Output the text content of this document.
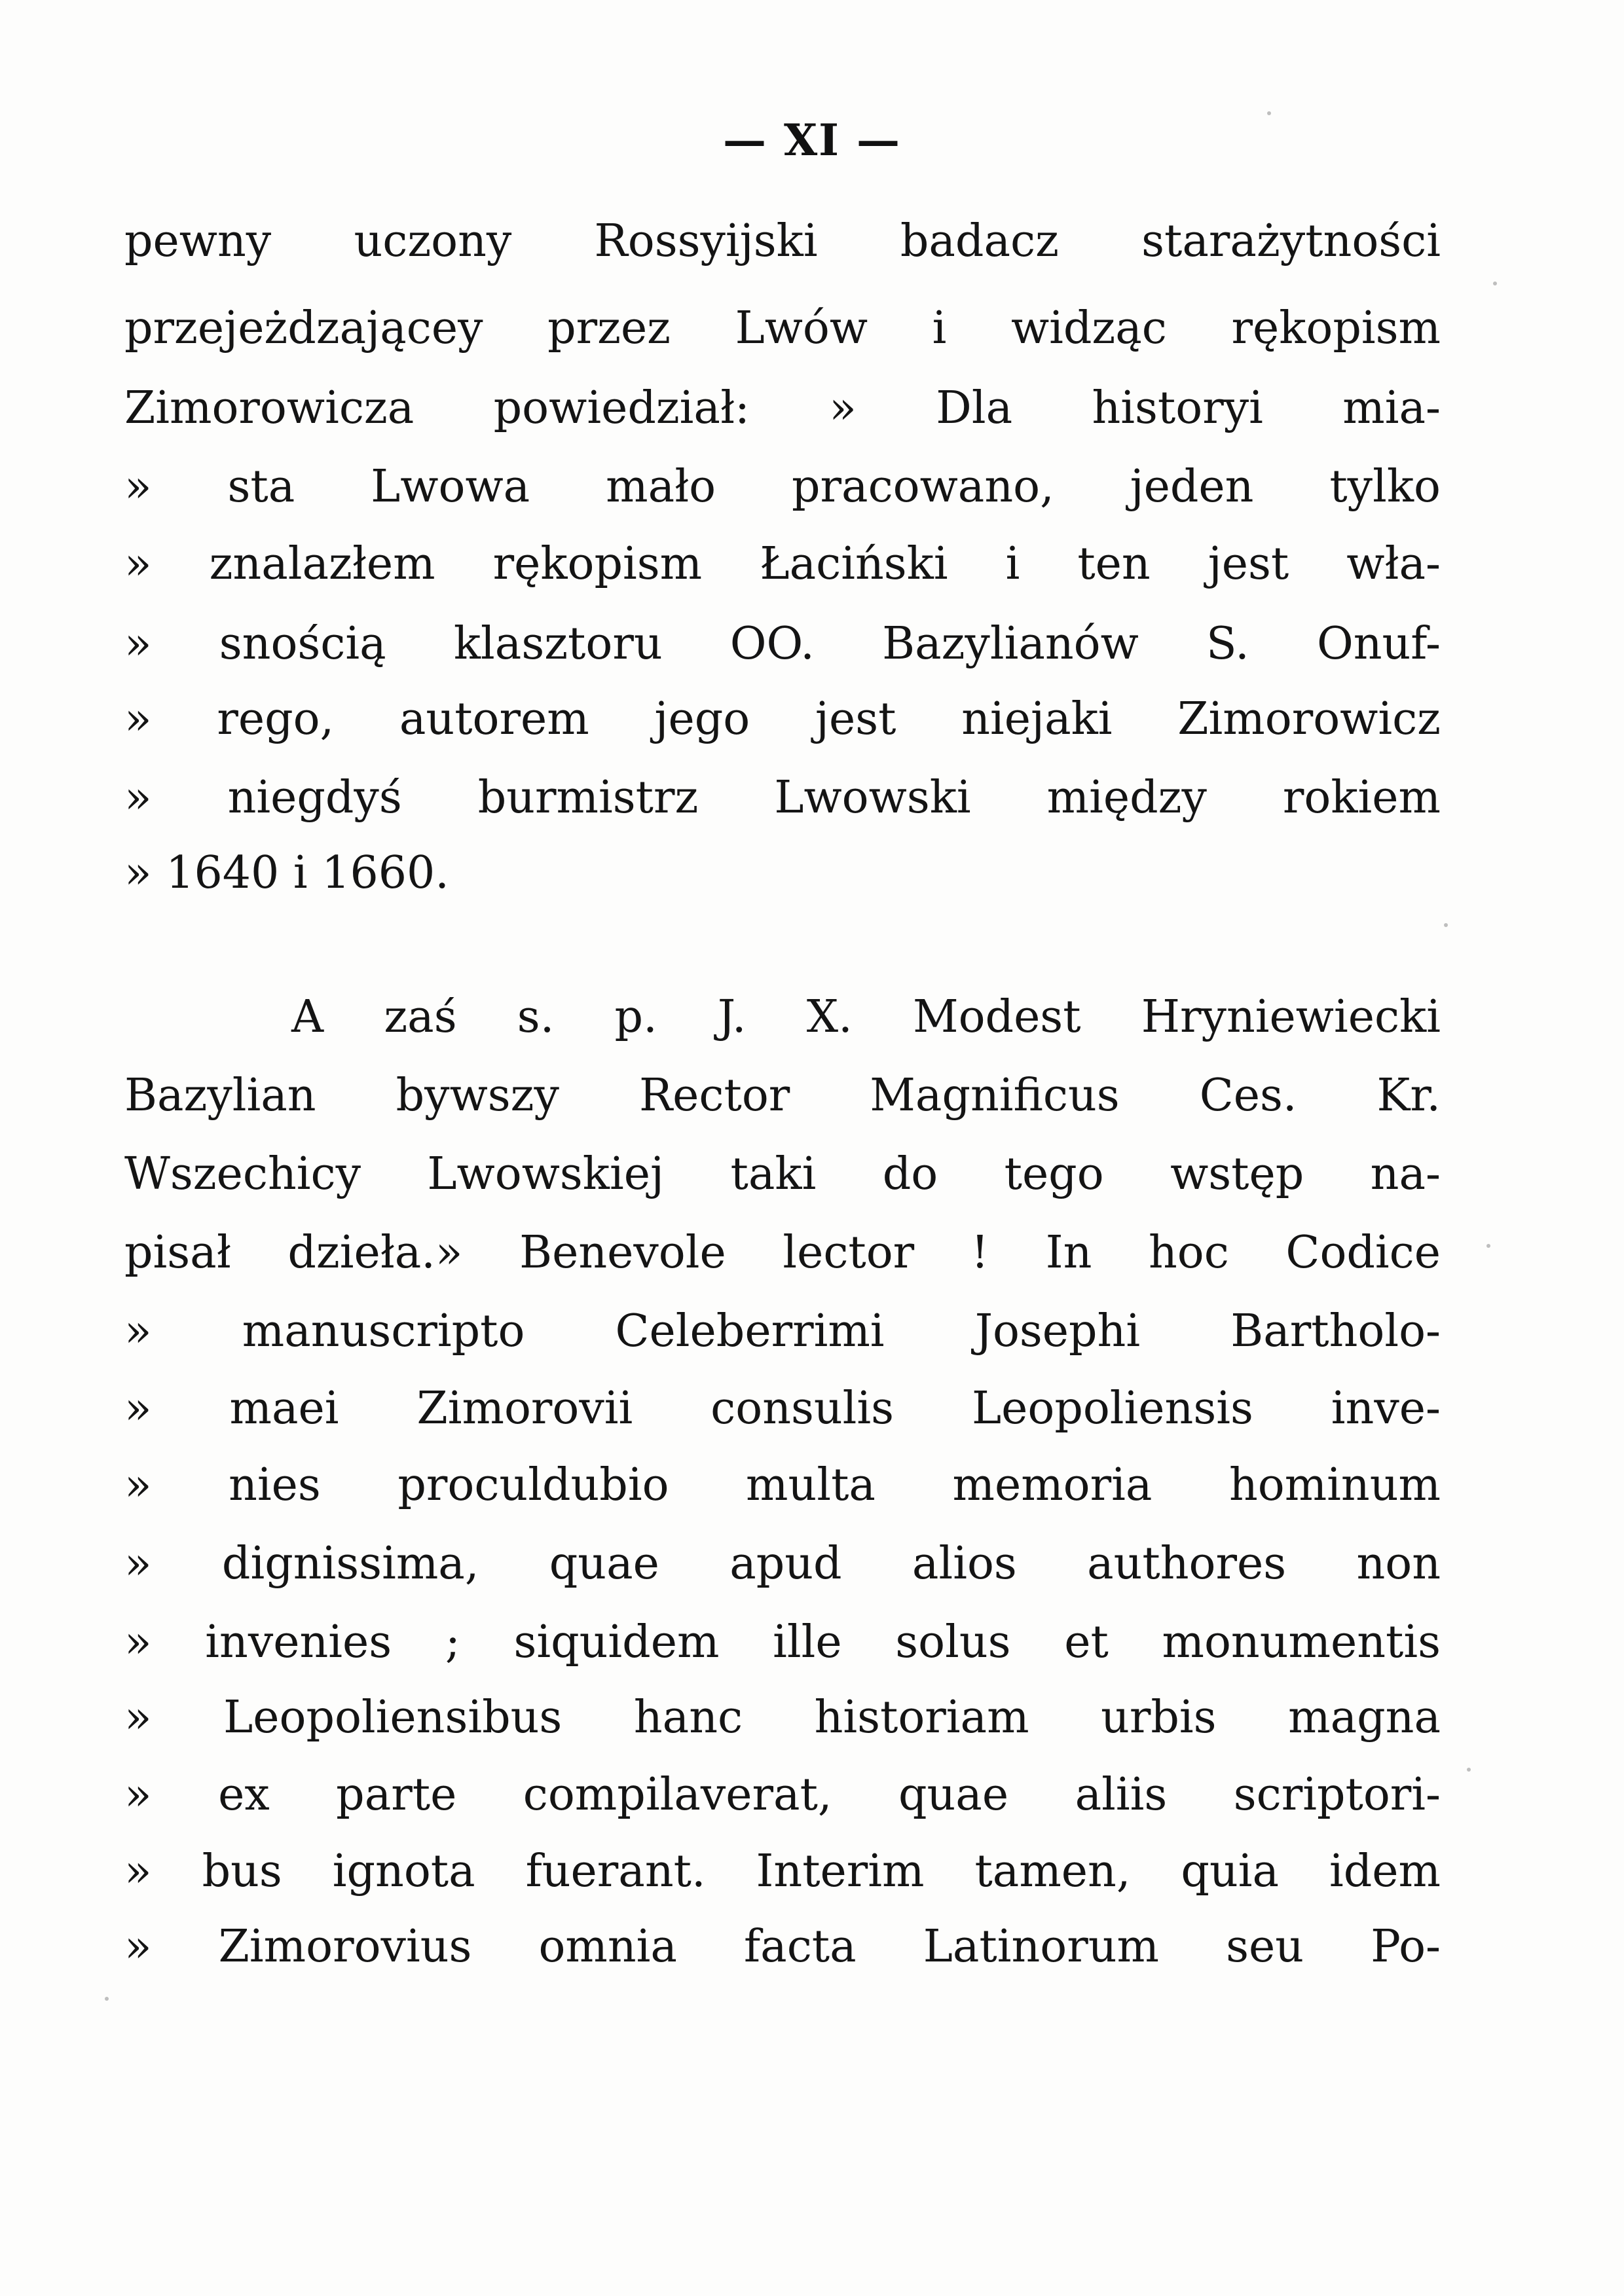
— XI —
pewny uczony Rossyijski badacz starażytności
przejeżdzającey przez Lwów i widząc rękopism
Zimorowicza powiedział: » Dla historyi mia-
» sta Lwowa mało pracowano, jeden tylko
» znalazłem rękopism Łaciński i ten jest wła-
» snością klasztoru OO. Bazylianów S. Onuf-
» rego, autorem jego jest niejaki Zimorowicz
» niegdyś burmistrz Lwowski między rokiem
» 1640 i 1660.
A zaś s. p. J. X. Modest Hryniewiecki
Bazylian bywszy Rector Magnificus Ces. Kr.
Wszechicy Lwowskiej taki do tego wstęp na-
pisał dzieła.» Benevole lector ! In hoc Codice
» manuscripto Celeberrimi Josephi Bartholo-
» maei Zimorovii consulis Leopoliensis inve-
» nies proculdubio multa memoria hominum
» dignissima, quae apud alios authores non
» invenies ; siquidem ille solus et monumentis
» Leopoliensibus hanc historiam urbis magna
» ex parte compilaverat, quae aliis scriptori-
» bus ignota fuerant. Interim tamen, quia idem
» Zimorovius omnia facta Latinorum seu Po-
